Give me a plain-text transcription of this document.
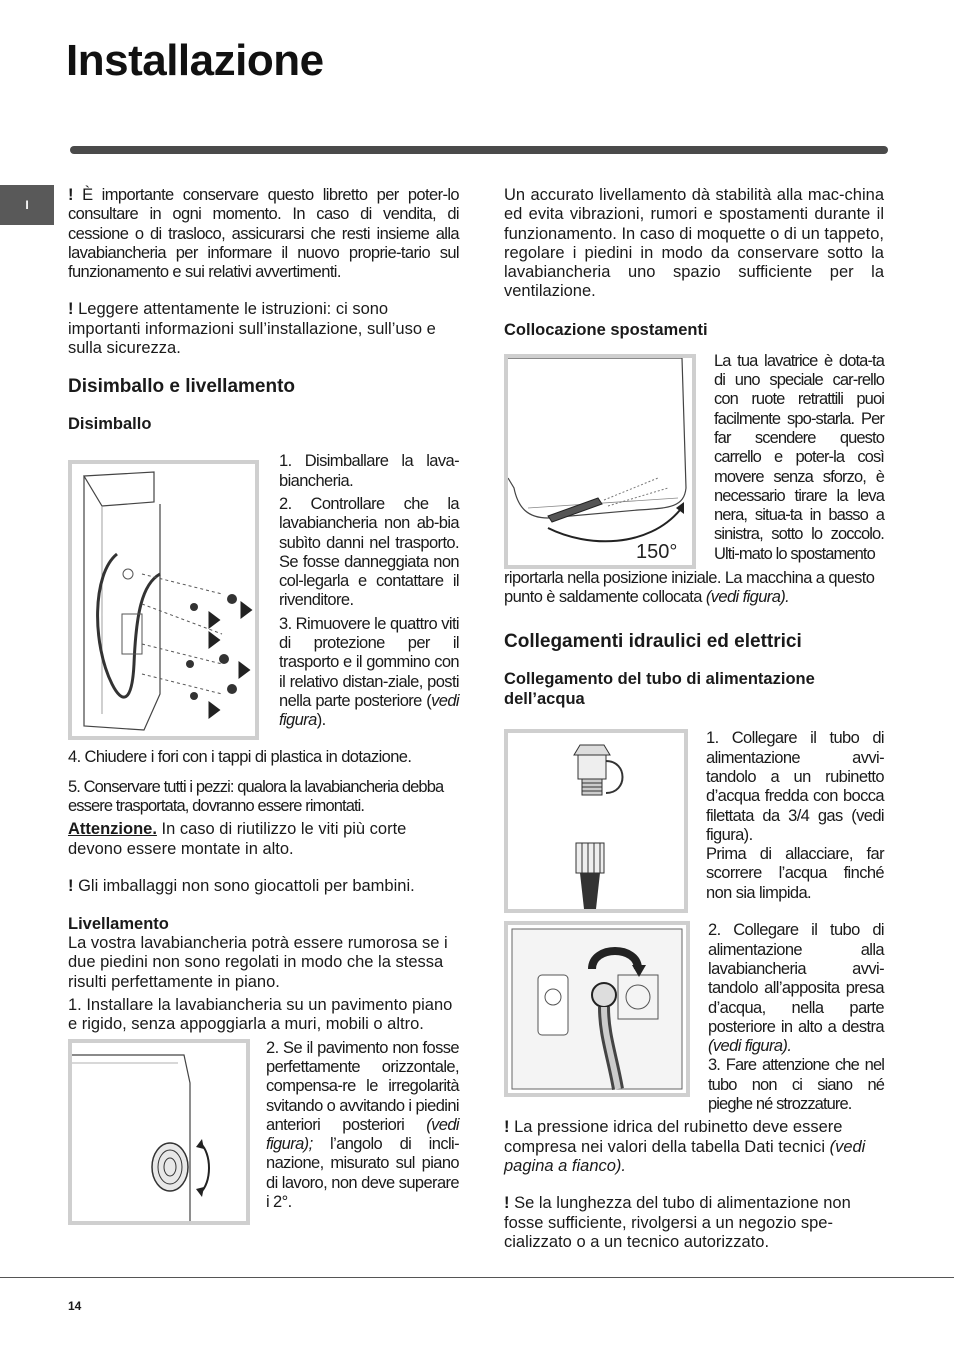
Installazione
I

! È importante conservare questo libretto per poter-lo consultare in ogni momento. In caso di vendita, di cessione o di trasloco, assicurarsi che resti insieme alla lavabiancheria per informare il nuovo proprie-tario sul funzionamento e sui relativi avvertimenti.

! Leggere attentamente le istruzioni: ci sono importanti informazioni sull’installazione, sull’uso e sulla sicurezza.

Disimballo e livellamento
Disimballo

1. Disimballare la lava-biancheria.

2. Controllare che la lavabiancheria non ab-bia subìto danni nel trasporto. Se fosse danneggiata non col-legarla e contattare il rivenditore.

3. Rimuovere le quattro viti di protezione per il trasporto e il gommino con il relativo distan-ziale, posti nella parte posteriore (vedi figura).

4. Chiudere i fori con i tappi di plastica in dotazione.

5. Conservare tutti i pezzi: qualora la lavabiancheria debba essere trasportata, dovranno essere rimontati.

Attenzione. In caso di riutilizzo le viti più corte devono essere montate in alto.

! Gli imballaggi non sono giocattoli per bambini.

Livellamento

La vostra lavabiancheria potrà essere rumorosa se i due piedini non sono regolati in modo che la stessa risulti perfettamente in piano.

1. Installare la lavabiancheria su un pavimento piano e rigido, senza appoggiarla a muri, mobili o altro.

2. Se il pavimento non fosse perfettamente orizzontale, compensa-re le irregolarità svitando o avvitando i piedini anteriori posteriori (vedi figura); l’angolo di incli-nazione, misurato sul piano di lavoro, non deve superare i 2°.

Un accurato livellamento dà stabilità alla mac-china ed evita vibrazioni, rumori e spostamenti durante il funzionamento. In caso di moquette o di un tappeto, regolare i piedini in modo da conservare sotto la lavabiancheria uno spazio sufficiente per la ventilazione.

Collocazione spostamenti
150°

La tua lavatrice è dota-ta di uno speciale car-rello con ruote retrattili puoi facilmente spo-starla. Per far scendere questo carrello e poter-la così movere senza sforzo, è necessario tirare la leva nera, situa-ta in basso a sinistra, sotto lo zoccolo. Ulti-mato lo spostamento

riportarla nella posizione iniziale. La macchina a questo punto è saldamente collocata (vedi figura).

Collegamenti idraulici ed elettrici
Collegamento del tubo di alimentazione dell’acqua

1. Collegare il tubo di alimentazione avvi-tandolo a un rubinetto d’acqua fredda con bocca filettata da 3/4 gas (vedi figura).

Prima di allacciare, far scorrere l’acqua finché non sia limpida.

2. Collegare il tubo di alimentazione alla lavabiancheria avvi-tandolo all’apposita presa d’acqua, nella parte posteriore in alto a destra (vedi figura).

3. Fare attenzione che nel tubo non ci siano né pieghe né strozzature.

! La pressione idrica del rubinetto deve essere compresa nei valori della tabella Dati tecnici (vedi pagina a fianco).

! Se la lunghezza del tubo di alimentazione non fosse sufficiente, rivolgersi a un negozio spe-cializzato o a un tecnico autorizzato.

14
